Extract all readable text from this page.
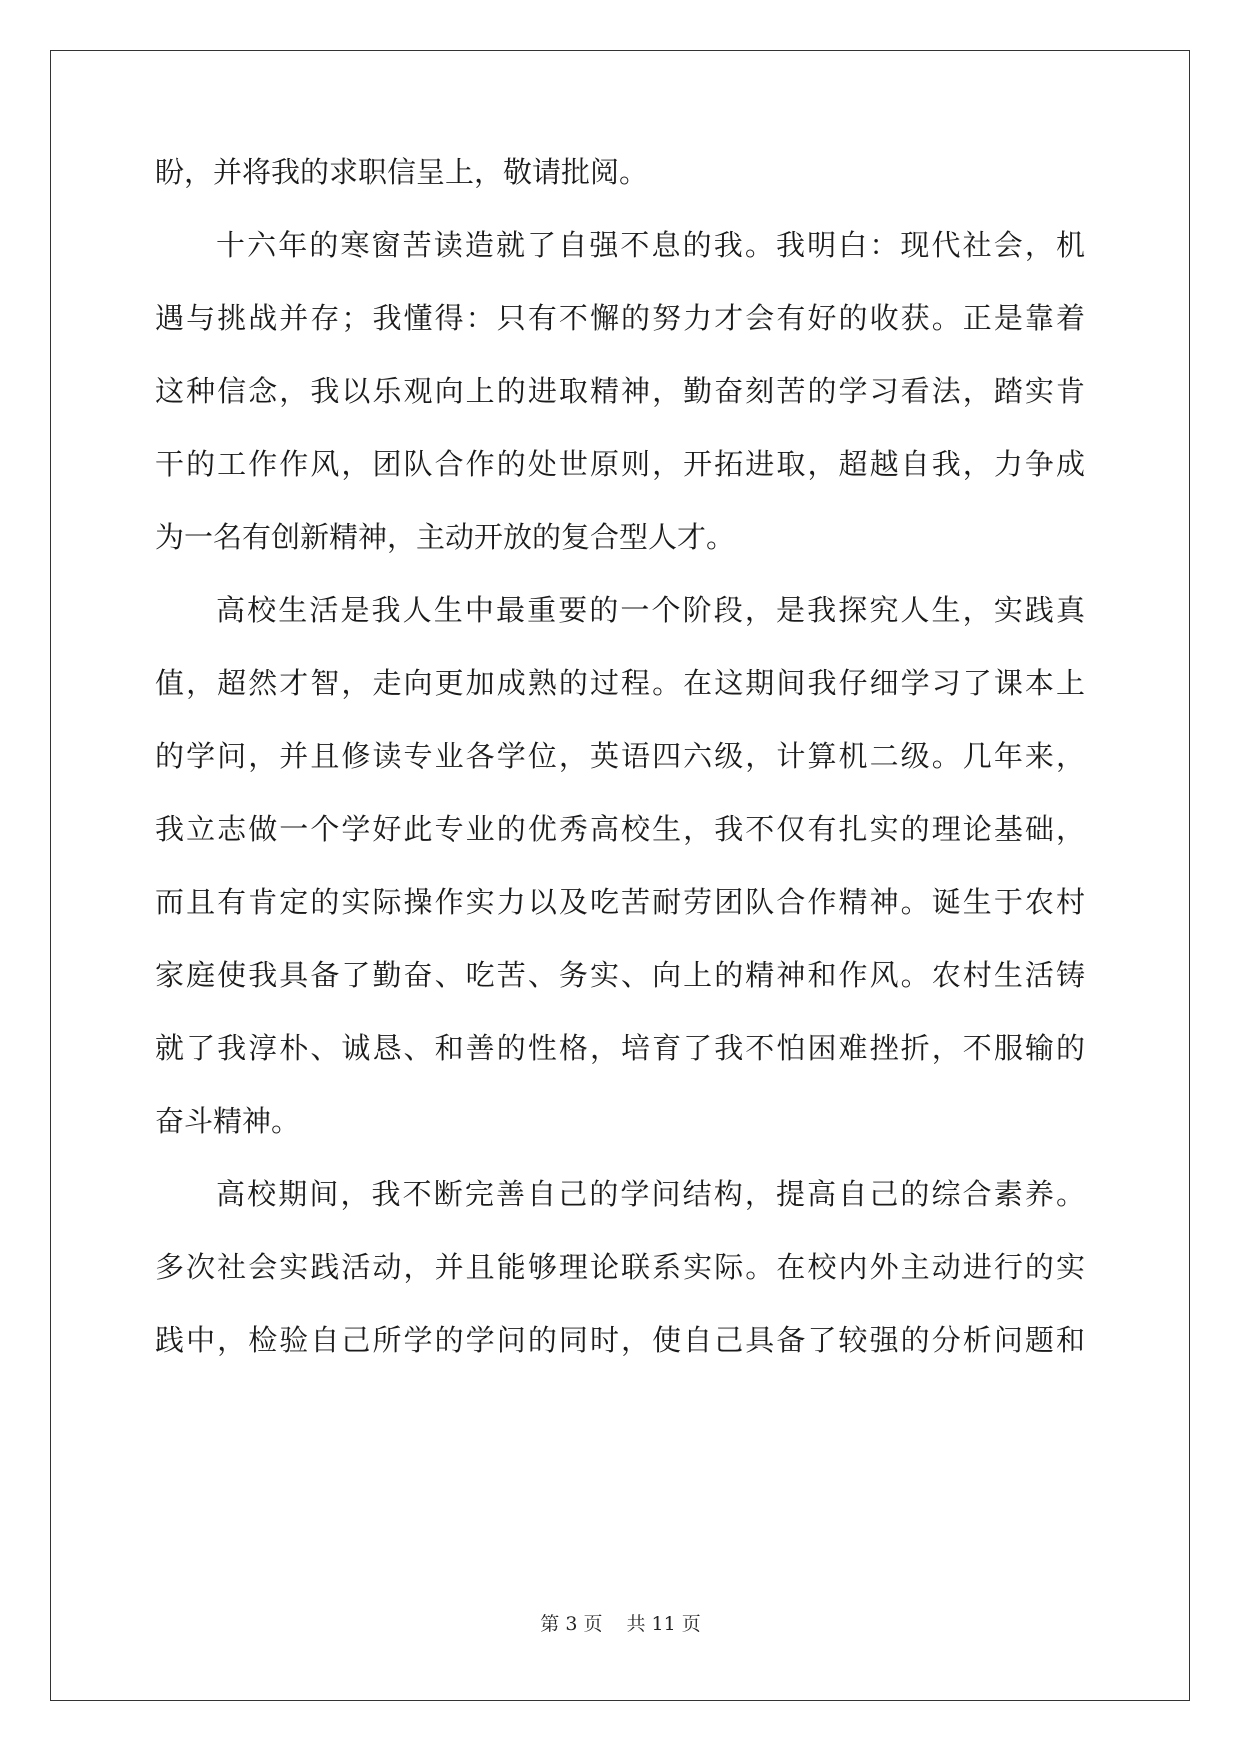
盼，并将我的求职信呈上，敬请批阅。
十六年的寒窗苦读造就了自强不息的我。我明白：现代社会，机
遇与挑战并存；我懂得：只有不懈的努力才会有好的收获。正是靠着
这种信念，我以乐观向上的进取精神，勤奋刻苦的学习看法，踏实肯
干的工作作风，团队合作的处世原则，开拓进取，超越自我，力争成
为一名有创新精神，主动开放的复合型人才。
高校生活是我人生中最重要的一个阶段，是我探究人生，实践真
值，超然才智，走向更加成熟的过程。在这期间我仔细学习了课本上
的学问，并且修读专业各学位，英语四六级，计算机二级。几年来，
我立志做一个学好此专业的优秀高校生，我不仅有扎实的理论基础，
而且有肯定的实际操作实力以及吃苦耐劳团队合作精神。诞生于农村
家庭使我具备了勤奋、吃苦、务实、向上的精神和作风。农村生活铸
就了我淳朴、诚恳、和善的性格，培育了我不怕困难挫折，不服输的
奋斗精神。
高校期间，我不断完善自己的学问结构，提高自己的综合素养。
多次社会实践活动，并且能够理论联系实际。在校内外主动进行的实
践中，检验自己所学的学问的同时，使自己具备了较强的分析问题和
第 3 页 共 11 页
